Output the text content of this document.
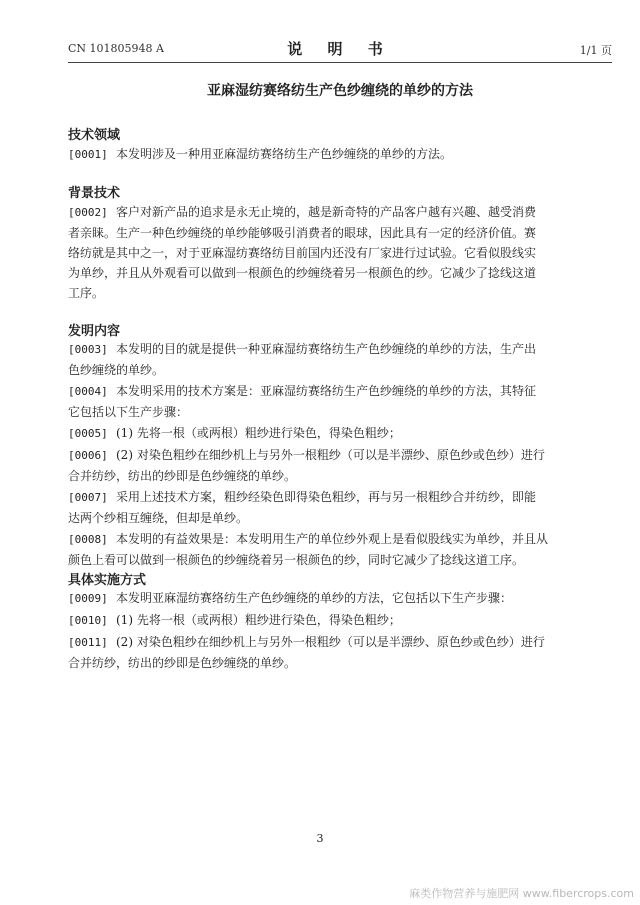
CN 101805948 A	说 明 书	1/1 页
亚麻湿纺赛络纺生产色纱缠绕的单纱的方法
技术领域
[0001] 本发明涉及一种用亚麻湿纺赛络纺生产色纱缠绕的单纱的方法。
背景技术
[0002] 客户对新产品的追求是永无止境的，越是新奇特的产品客户越有兴趣、越受消费
者亲睐。生产一种色纱缠绕的单纱能够吸引消费者的眼球，因此具有一定的经济价值。赛
络纺就是其中之一，对于亚麻湿纺赛络纺目前国内还没有厂家进行过试验。它看似股线实
为单纱，并且从外观看可以做到一根颜色的纱缠绕着另一根颜色的纱。它减少了捻线这道
工序。
发明内容
[0003] 本发明的目的就是提供一种亚麻湿纺赛络纺生产色纱缠绕的单纱的方法，生产出
色纱缠绕的单纱。
[0004] 本发明采用的技术方案是：亚麻湿纺赛络纺生产色纱缠绕的单纱的方法，其特征
它包括以下生产步骤：
[0005] (1) 先将一根（或两根）粗纱进行染色，得染色粗纱；
[0006] (2) 对染色粗纱在细纱机上与另外一根粗纱（可以是半漂纱、原色纱或色纱）进行
合并纺纱，纺出的纱即是色纱缠绕的单纱。
[0007] 采用上述技术方案，粗纱经染色即得染色粗纱，再与另一根粗纱合并纺纱，即能
达两个纱相互缠绕，但却是单纱。
[0008] 本发明的有益效果是：本发明用生产的单位纱外观上是看似股线实为单纱，并且从
颜色上看可以做到一根颜色的纱缠绕着另一根颜色的纱，同时它减少了捻线这道工序。
具体实施方式
[0009] 本发明亚麻湿纺赛络纺生产色纱缠绕的单纱的方法，它包括以下生产步骤：
[0010] (1) 先将一根（或两根）粗纱进行染色，得染色粗纱；
[0011] (2) 对染色粗纱在细纱机上与另外一根粗纱（可以是半漂纱、原色纱或色纱）进行
合并纺纱，纺出的纱即是色纱缠绕的单纱。
3
麻类作物营养与施肥网 www.fibercrops.com
